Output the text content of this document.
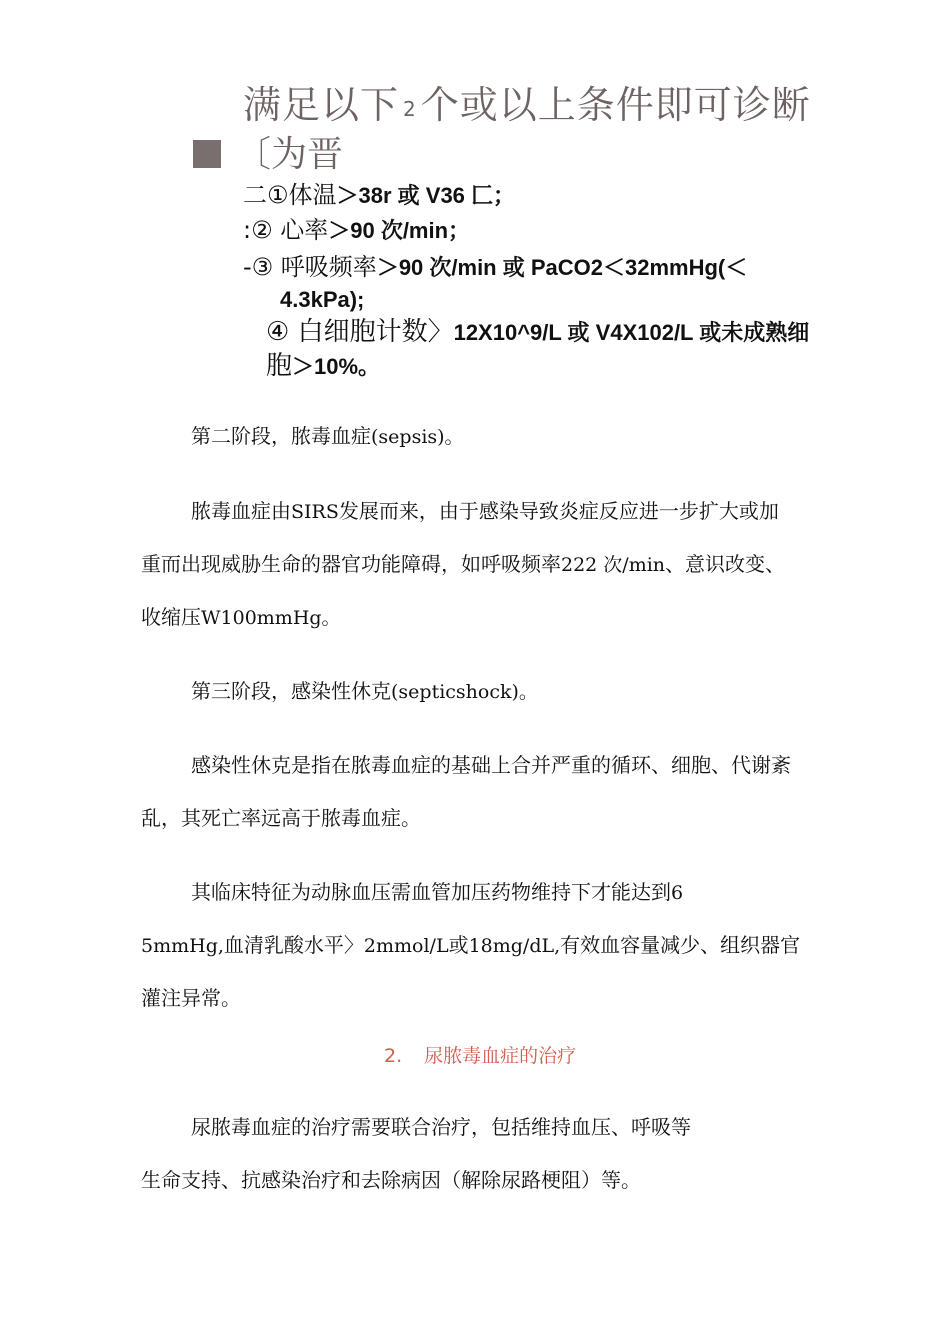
满足以下 2 个或以上条件即可诊断
〔为晋
二①体温＞38r 或 V36 匚；
:② 心率＞90 次/min；
-③ 呼吸频率＞90 次/min 或 PaCO2＜32mmHg(＜
4.3kPa);
④ 白细胞计数〉12X10^9/L 或 V4X102/L 或未成熟细
胞＞10%。
第二阶段，脓毒血症(sepsis)。
脓毒血症由SIRS发展而来，由于感染导致炎症反应进一步扩大或加
重而出现威胁生命的器官功能障碍，如呼吸频率222 次/min、意识改变、
收缩压W100mmHg。
第三阶段，感染性休克(septicshock)。
感染性休克是指在脓毒血症的基础上合并严重的循环、细胞、代谢紊
乱，其死亡率远高于脓毒血症。
其临床特征为动脉血压需血管加压药物维持下才能达到6
5mmHg,血清乳酸水平〉2mmol/L或18mg/dL,有效血容量减少、组织器官
灌注异常。
2. 尿脓毒血症的治疗
尿脓毒血症的治疗需要联合治疗，包括维持血压、呼吸等
生命支持、抗感染治疗和去除病因（解除尿路梗阻）等。
